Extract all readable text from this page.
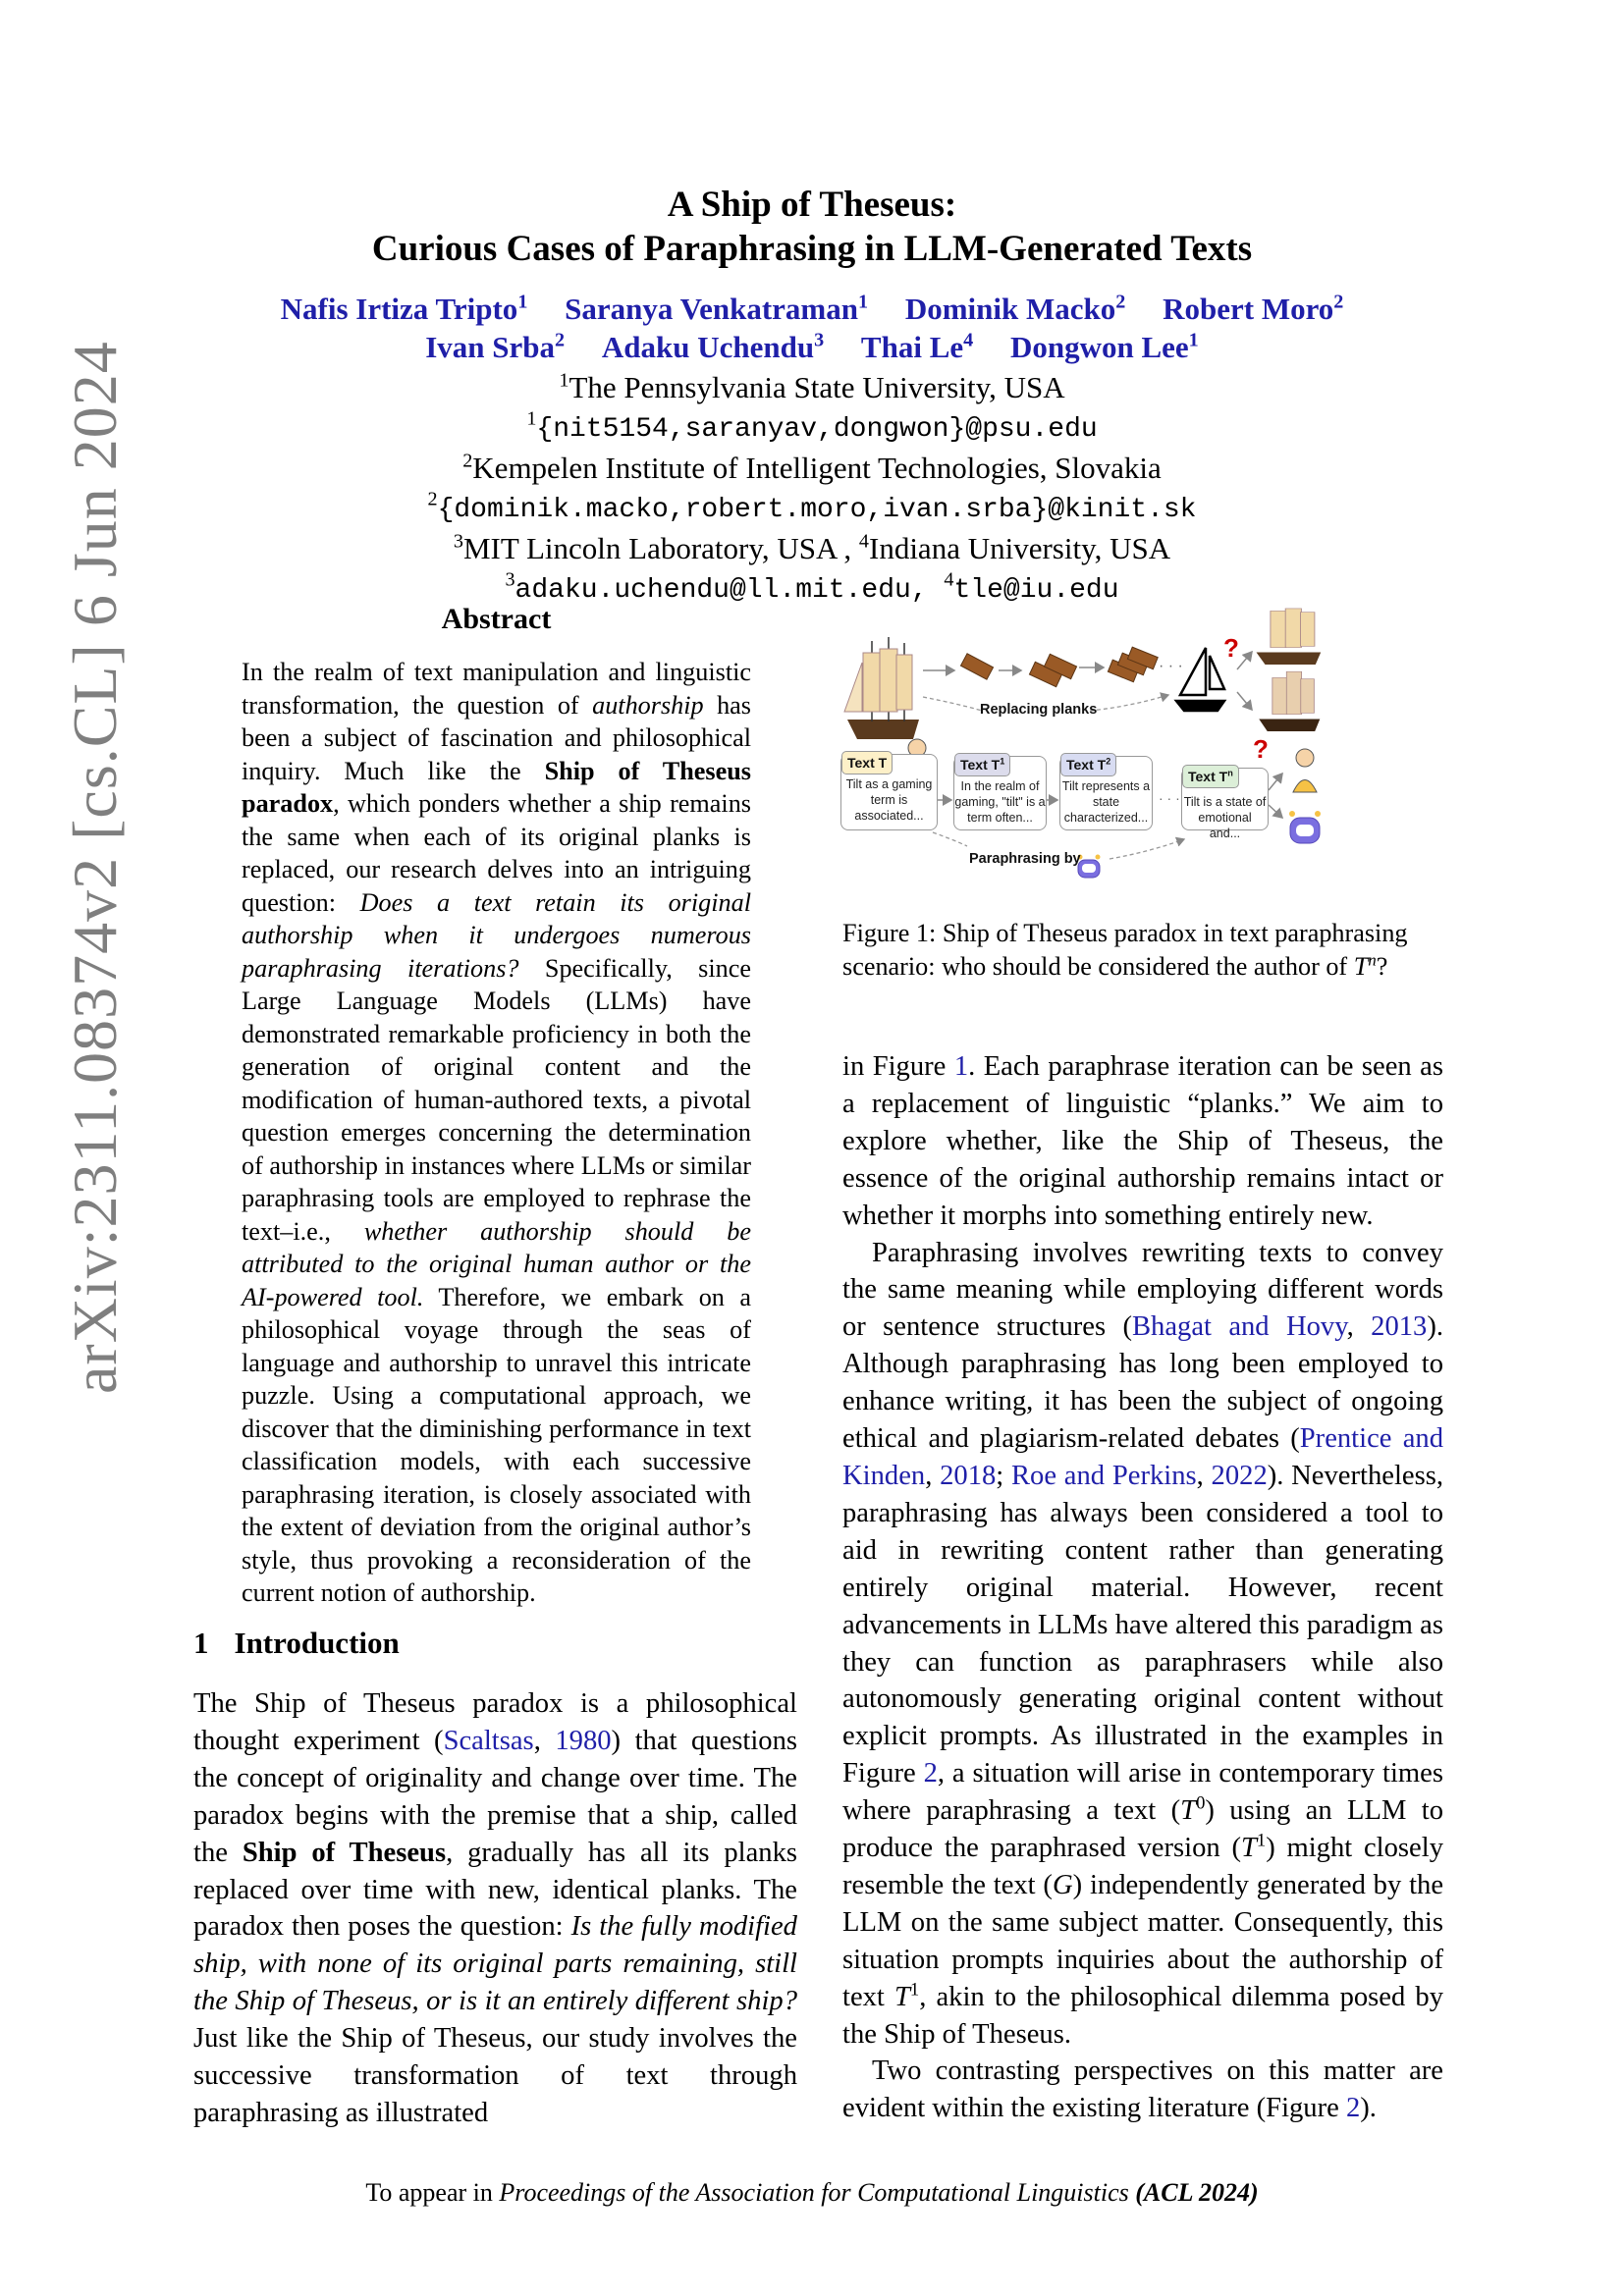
arXiv:2311.08374v2 [cs.CL] 6 Jun 2024
A Ship of Theseus:
Curious Cases of Paraphrasing in LLM-Generated Texts
Nafis Irtiza Tripto$^1$ Saranya Venkatraman$^1$ Dominik Macko$^2$ Robert Moro$^2$
Ivan Srba$^2$ Adaku Uchendu$^3$ Thai Le$^4$ Dongwon Lee$^1$
$^1$The Pennsylvania State University, USA
$^1${nit5154,saranyav,dongwon}@psu.edu
$^2$Kempelen Institute of Intelligent Technologies, Slovakia
$^2${dominik.macko,robert.moro,ivan.srba}@kinit.sk
$^3$MIT Lincoln Laboratory, USA , $^4$Indiana University, USA
$^3$adaku.uchendu@ll.mit.edu, $^4$tle@iu.edu
Abstract
In the realm of text manipulation and linguistic transformation, the question of authorship has been a subject of fascination and philosophical inquiry. Much like the Ship of Theseus paradox, which ponders whether a ship remains the same when each of its original planks is replaced, our research delves into an intriguing question: Does a text retain its original authorship when it undergoes numerous paraphrasing iterations? Specifically, since Large Language Models (LLMs) have demonstrated remarkable proficiency in both the generation of original content and the modification of human-authored texts, a pivotal question emerges concerning the determination of authorship in instances where LLMs or similar paraphrasing tools are employed to rephrase the text–i.e., whether authorship should be attributed to the original human author or the AI-powered tool. Therefore, we embark on a philosophical voyage through the seas of language and authorship to unravel this intricate puzzle. Using a computational approach, we discover that the diminishing performance in text classification models, with each successive paraphrasing iteration, is closely associated with the extent of deviation from the original author’s style, thus provoking a reconsideration of the current notion of authorship.
1 Introduction
The Ship of Theseus paradox is a philosophical thought experiment (Scaltsas, 1980) that questions the concept of originality and change over time. The paradox begins with the premise that a ship, called the Ship of Theseus, gradually has all its planks replaced over time with new, identical planks. The paradox then poses the question: Is the fully modified ship, with none of its original parts remaining, still the Ship of Theseus, or is it an entirely different ship? Just like the Ship of Theseus, our study involves the successive transformation of text through paraphrasing as illustrated
· · ·
· · ·
Replacing planks
Paraphrasing by
Text T
Tilt as a gaming term is associated...
Text $T^1$
In the realm of gaming, "tilt" is a term often...
Text $T^2$
Tilt represents a state characterized...
Text $T^n$
Tilt is a state of emotional and...
?
?
Figure 1: Ship of Theseus paradox in text paraphrasing scenario: who should be considered the author of $T^n$?
in Figure 1. Each paraphrase iteration can be seen as a replacement of linguistic “planks.” We aim to explore whether, like the Ship of Theseus, the essence of the original authorship remains intact or whether it morphs into something entirely new.
Paraphrasing involves rewriting texts to convey the same meaning while employing different words or sentence structures (Bhagat and Hovy, 2013). Although paraphrasing has long been employed to enhance writing, it has been the subject of ongoing ethical and plagiarism-related debates (Prentice and Kinden, 2018; Roe and Perkins, 2022). Nevertheless, paraphrasing has always been considered a tool to aid in rewriting content rather than generating entirely original material. However, recent advancements in LLMs have altered this paradigm as they can function as paraphrasers while also autonomously generating original content without explicit prompts. As illustrated in the examples in Figure 2, a situation will arise in contemporary times where paraphrasing a text $(T^0)$ using an LLM to produce the paraphrased version $(T^1)$ might closely resemble the text (G) independently generated by the LLM on the same subject matter. Consequently, this situation prompts inquiries about the authorship of text $T^1$, akin to the philosophical dilemma posed by the Ship of Theseus.
Two contrasting perspectives on this matter are evident within the existing literature (Figure 2).
To appear in Proceedings of the Association for Computational Linguistics (ACL 2024)
